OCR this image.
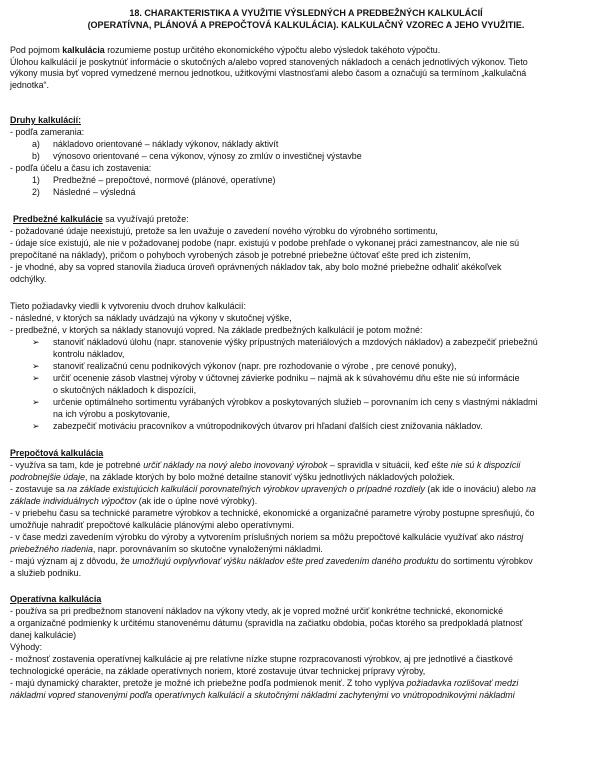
18. CHARAKTERISTIKA A VYUŽITIE VÝSLEDNÝCH A PREDBEŽNÝCH KALKULÁCIÍ
(OPERATÍVNA, PLÁNOVÁ A PREPOČTOVÁ KALKULÁCIA). KALKULAČNÝ VZOREC A JEHO VYUŽITIE.
Pod pojmom kalkulácia rozumieme postup určitého ekonomického výpočtu alebo výsledok takéhoto výpočtu.
Úlohou kalkulácií je poskytnúť informácie o skutočných a/alebo vopred stanovených nákladoch a cenách jednotlivých výkonov. Tieto
výkony musia byť vopred vymedzené mernou jednotkou, užitkovými vlastnosťami alebo časom a označujú sa termínom „kalkulačná
jednotka“.
Druhy kalkulácií:
- podľa zamerania:
a) nákladovo orientované – náklady výkonov, náklady aktivít
b) výnosovo orientované – cena výkonov, výnosy zo zmlúv o investičnej výstavbe
- podľa účelu a času ich zostavenia:
1) Predbežné – prepočtové, normové (plánové, operatívne)
2) Následné – výsledná
Predbežné kalkulácie sa využívajú pretože:
- požadované údaje neexistujú, pretože sa len uvažuje o zavedení nového výrobku do výrobného sortimentu,
- údaje síce existujú, ale nie v požadovanej podobe (napr. existujú v podobe prehľade o vykonanej práci zamestnancov, ale nie sú
prepočítané na náklady), pričom o pohyboch vyrobených zásob je potrebné priebežne účtovať ešte pred ich zistením,
- je vhodné, aby sa vopred stanovila žiaduca úroveň oprávnených nákladov tak, aby bolo možné priebežne odhaliť akékoľvek
odchýlky.
Tieto požiadavky viedli k vytvoreniu dvoch druhov kalkulácií:
- následné, v ktorých sa náklady uvádzajú na výkony v skutočnej výške,
- predbežné, v ktorých sa náklady stanovujú vopred. Na základe predbežných kalkulácií je potom možné:
➢ stanoviť nákladovú úlohu (napr. stanovenie výšky prípustných materiálových a mzdových nákladov) a zabezpečiť priebežnú
kontrolu nákladov,
➢ stanoviť realizačnú cenu podnikových výkonov (napr. pre rozhodovanie o výrobe , pre cenové ponuky),
➢ určiť ocenenie zásob vlastnej výroby v účtovnej závierke podniku – najmä ak k súvahovému dňu ešte nie sú informácie
o skutočných nákladoch k dispozícii,
➢ určenie optimálneho sortimentu vyrábaných výrobkov a poskytovaných služieb – porovnaním ich ceny s vlastnými nákladmi
na ich výrobu a poskytovanie,
➢ zabezpečiť motiváciu pracovníkov a vnútropodnikových útvarov pri hľadaní ďalších ciest znižovania nákladov.
Prepočtová kalkulácia
- využíva sa tam, kde je potrebné určiť náklady na nový alebo inovovaný výrobok – spravidla v situácii, keď ešte nie sú k dispozícii
podrobnejšie údaje, na základe ktorých by bolo možné detailne stanoviť výšku jednotlivých nákladových položiek.
- zostavuje sa na základe existujúcich kalkulácií porovnateľných výrobkov upravených o prípadné rozdiely (ak ide o inováciu) alebo na
základe individuálnych výpočtov (ak ide o úplne nové výrobky).
- v priebehu času sa technické parametre výrobkov a technické, ekonomické a organizačné parametre výroby postupne spresňujú, čo
umožňuje nahradiť prepočtové kalkulácie plánovými alebo operatívnymi.
- v čase medzi zavedením výrobku do výroby a vytvorením príslušných noriem sa môžu prepočtové kalkulácie využívať ako nástroj
priebežného riadenia, napr. porovnávaním so skutočne vynaloženými nákladmi.
- majú význam aj z dôvodu, že umožňujú ovplyvňovať výšku nákladov ešte pred zavedením daného produktu do sortimentu výrobkov
a služieb podniku.
Operatívna kalkulácia
- používa sa pri predbežnom stanovení nákladov na výkony vtedy, ak je vopred možné určiť konkrétne technické, ekonomické
a organizačné podmienky k určitému stanovenému dátumu (spravidla na začiatku obdobia, počas ktorého sa predpokladá platnosť
danej kalkulácie)
Výhody:
- možnosť zostavenia operatívnej kalkulácie aj pre relatívne nízke stupne rozpracovanosti výrobkov, aj pre jednotlivé a čiastkové
technologické operácie, na základe operatívnych noriem, ktoré zostavuje útvar technickej prípravy výroby,
- majú dynamický charakter, pretože je možné ich priebežne podľa podmienok meniť. Z toho vyplýva požiadavka rozlišovať medzi
nákladmi vopred stanovenými podľa operatívnych kalkulácií a skutočnými nákladmi zachytenými vo vnútropodnikovými nákladmi
